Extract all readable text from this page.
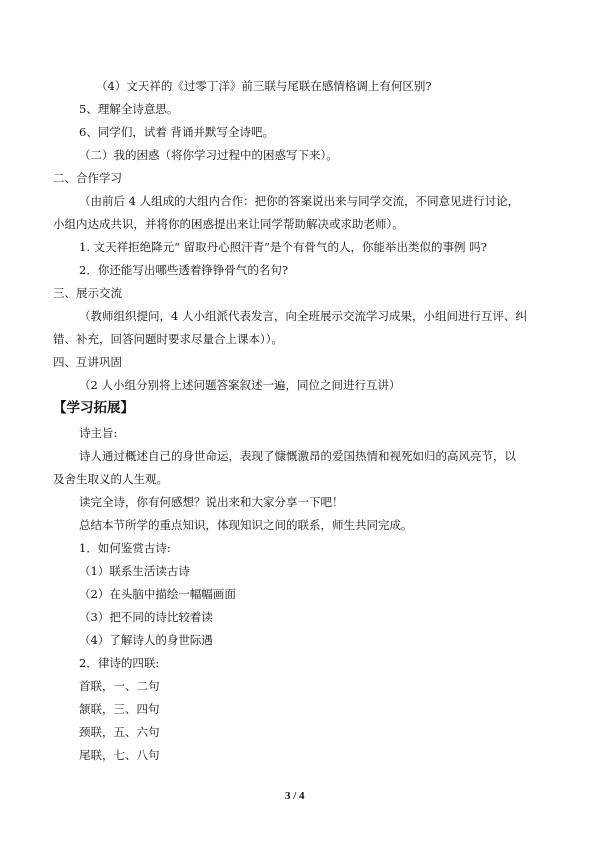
（4）文天祥的《过零丁洋》前三联与尾联在感情格调上有何区别?
5、理解全诗意思。
6、同学们，试着 背诵并默写全诗吧。
（二）我的困惑（将你学习过程中的困惑写下来）。
二、合作学习
（由前后 4 人组成的大组内合作：把你的答案说出来与同学交流，不同意见进行讨论，
小组内达成共识，并将你的困惑提出来让同学帮助解决或求助老师）。
1. 文天祥拒绝降元“ 留取丹心照汗青”是个有骨气的人，你能举出类似的事例 吗?
2．你还能写出哪些透着铮铮骨气的名句?
三、展示交流
（教师组织提问，4 人小组派代表发言，向全班展示交流学习成果，小组间进行互评、纠
错、补充，回答问题时要求尽量合上课本））。
四、互讲巩固
（2 人小组分别将上述问题答案叙述一遍，同位之间进行互讲）
【学习拓展】
诗主旨:
诗人通过概述自己的身世命运，表现了慷慨激昂的爱国热情和视死如归的高风亮节，以
及舍生取义的人生观。
读完全诗，你有何感想？说出来和大家分享一下吧！
总结本节所学的重点知识，体现知识之间的联系，师生共同完成。
1．如何鉴赏古诗:
（1）联系生活读古诗
（2）在头脑中描绘一幅幅画面
（3）把不同的诗比较着读
（4）了解诗人的身世际遇
2．律诗的四联:
首联，一、二句
颔联，三、四句
颈联，五、六句
尾联，七、八句
3 / 4
